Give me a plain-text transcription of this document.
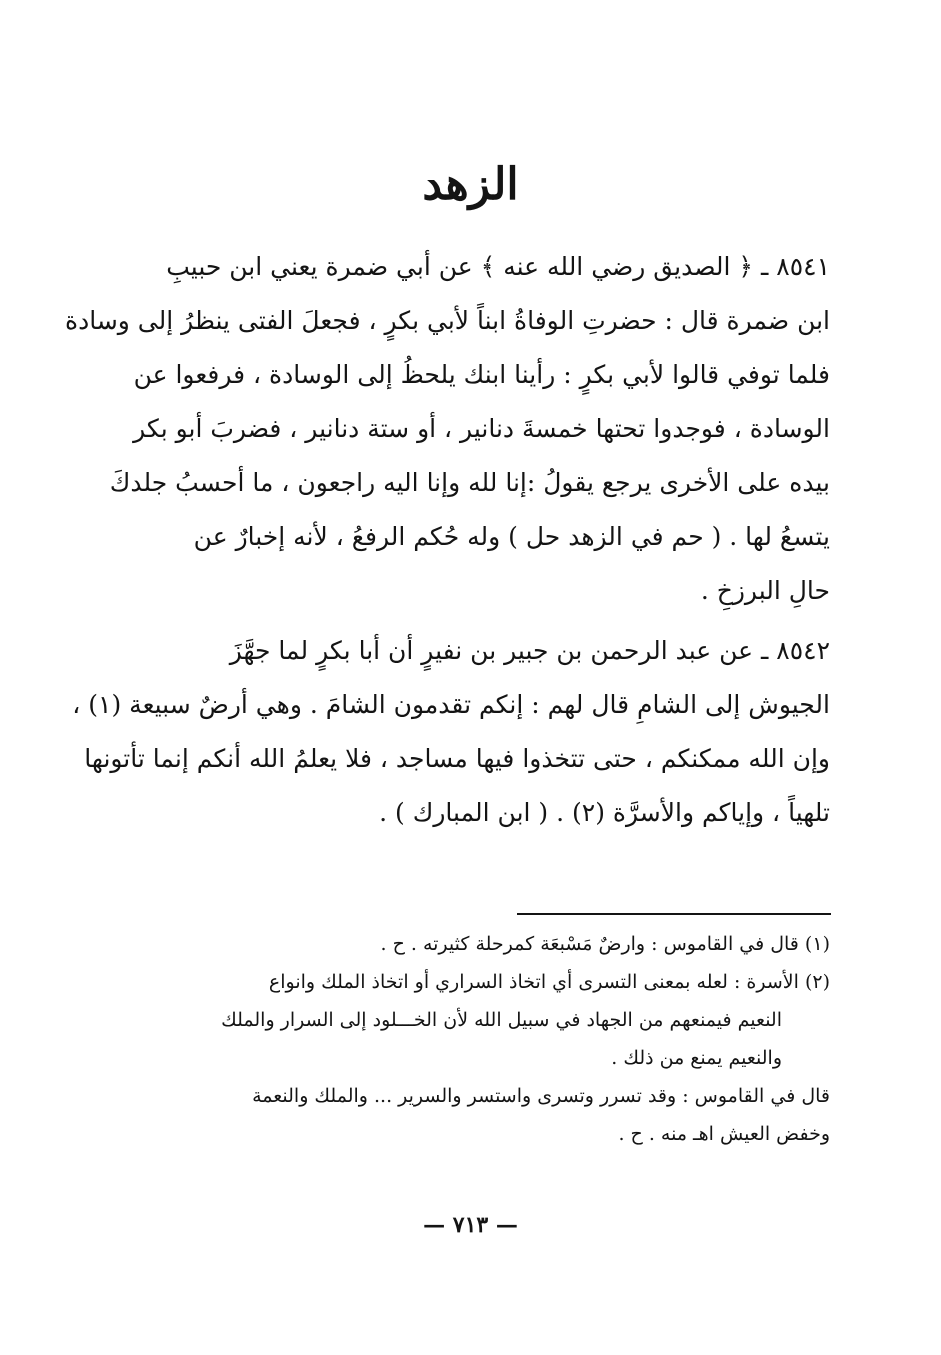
الزهد
٨٥٤١ ـ ﴿ الصديق رضي الله عنه ﴾ عن أبي ضمرة يعني ابن حبيبِ
ابن ضمرة قال : حضرتِ الوفاةُ ابناً لأبي بكرٍ ، فجعلَ الفتى ينظرُ إلى وسادة
فلما توفي قالوا لأبي بكرٍ : رأينا ابنك يلحظُ إلى الوسادة ، فرفعوا عن
الوسادة ، فوجدوا تحتها خمسةَ دنانير ، أو ستة دنانير ، فضربَ أبو بكر
بيده على الأخرى يرجع يقولُ :إنا لله وإنا اليه راجعون ، ما أحسبُ جلدكَ
يتسعُ لها . ( حم في الزهد حل ) وله حُكم الرفعُ ، لأنه إخبارٌ عن
حالِ البرزخِ .
٨٥٤٢ ـ عن عبد الرحمن بن جبير بن نفيرٍ أن أبا بكرٍ لما جهَّزَ
الجيوش إلى الشامِ قال لهم : إنكم تقدمون الشامَ . وهي أرضٌ سبيعة (١) ،
وإن الله ممكنكم ، حتى تتخذوا فيها مساجد ، فلا يعلمُ الله أنكم إنما تأتونها
تلهياً ، وإياكم والأسرَّة (٢) . ( ابن المبارك ) .
(١) قال في القاموس : وارضٌ مَسْبعَة كمرحلة كثيرته . ح .
(٢) الأسرة : لعله بمعنى التسرى أي اتخاذ السراري أو اتخاذ الملك وانواع
النعيم فيمنعهم من الجهاد في سبيل الله لأن الخـــلود إلى السرار والملك
والنعيم يمنع من ذلك .
قال في القاموس : وقد تسرر وتسرى واستسر والسرير ... والملك والنعمة
وخفض العيش اهـ منه . ح .
— ٧١٣ —
